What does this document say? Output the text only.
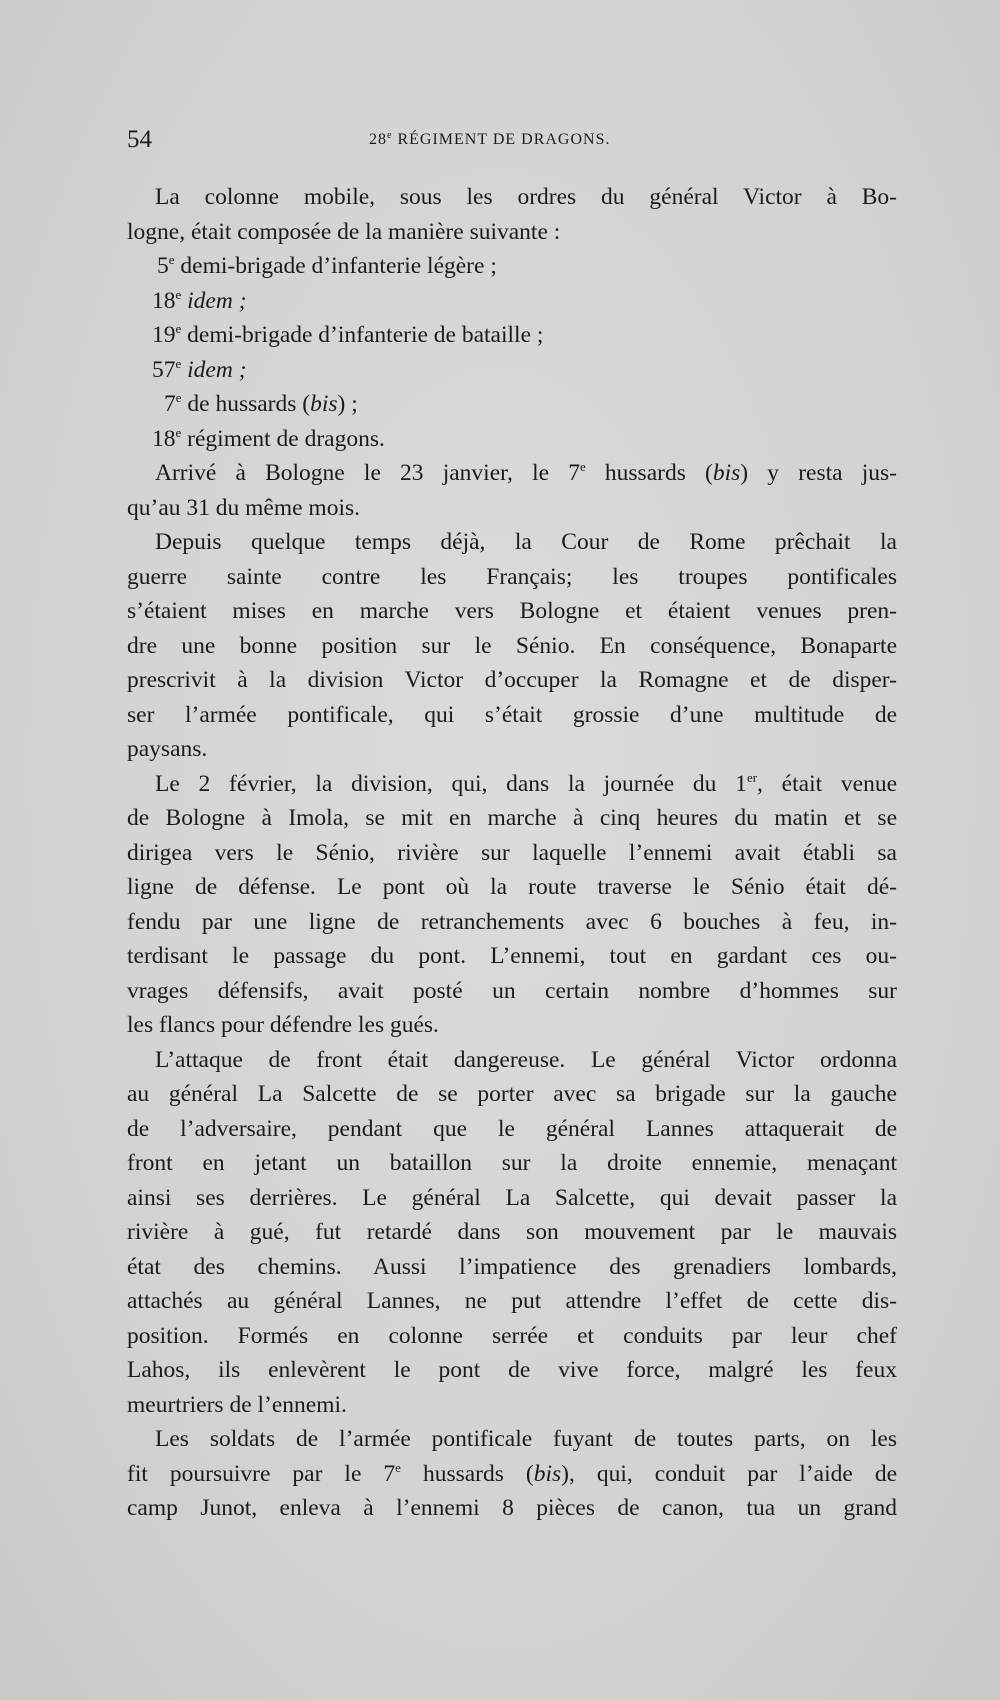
54	28e RÉGIMENT DE DRAGONS.
La colonne mobile, sous les ordres du général Victor à Bo-
logne, était composée de la manière suivante :
5e demi-brigade d’infanterie légère ;
18e idem ;
19e demi-brigade d’infanterie de bataille ;
57e idem ;
7e de hussards (bis) ;
18e régiment de dragons.
Arrivé à Bologne le 23 janvier, le 7e hussards (bis) y resta jus-
qu’au 31 du même mois.
Depuis quelque temps déjà, la Cour de Rome prêchait la
guerre sainte contre les Français; les troupes pontificales
s’étaient mises en marche vers Bologne et étaient venues pren-
dre une bonne position sur le Sénio. En conséquence, Bonaparte
prescrivit à la division Victor d’occuper la Romagne et de disper-
ser l’armée pontificale, qui s’était grossie d’une multitude de
paysans.
Le 2 février, la division, qui, dans la journée du 1er, était venue
de Bologne à Imola, se mit en marche à cinq heures du matin et se
dirigea vers le Sénio, rivière sur laquelle l’ennemi avait établi sa
ligne de défense. Le pont où la route traverse le Sénio était dé-
fendu par une ligne de retranchements avec 6 bouches à feu, in-
terdisant le passage du pont. L’ennemi, tout en gardant ces ou-
vrages défensifs, avait posté un certain nombre d’hommes sur
les flancs pour défendre les gués.
L’attaque de front était dangereuse. Le général Victor ordonna
au général La Salcette de se porter avec sa brigade sur la gauche
de l’adversaire, pendant que le général Lannes attaquerait de
front en jetant un bataillon sur la droite ennemie, menaçant
ainsi ses derrières. Le général La Salcette, qui devait passer la
rivière à gué, fut retardé dans son mouvement par le mauvais
état des chemins. Aussi l’impatience des grenadiers lombards,
attachés au général Lannes, ne put attendre l’effet de cette dis-
position. Formés en colonne serrée et conduits par leur chef
Lahos, ils enlevèrent le pont de vive force, malgré les feux
meurtriers de l’ennemi.
Les soldats de l’armée pontificale fuyant de toutes parts, on les
fit poursuivre par le 7e hussards (bis), qui, conduit par l’aide de
camp Junot, enleva à l’ennemi 8 pièces de canon, tua un grand
